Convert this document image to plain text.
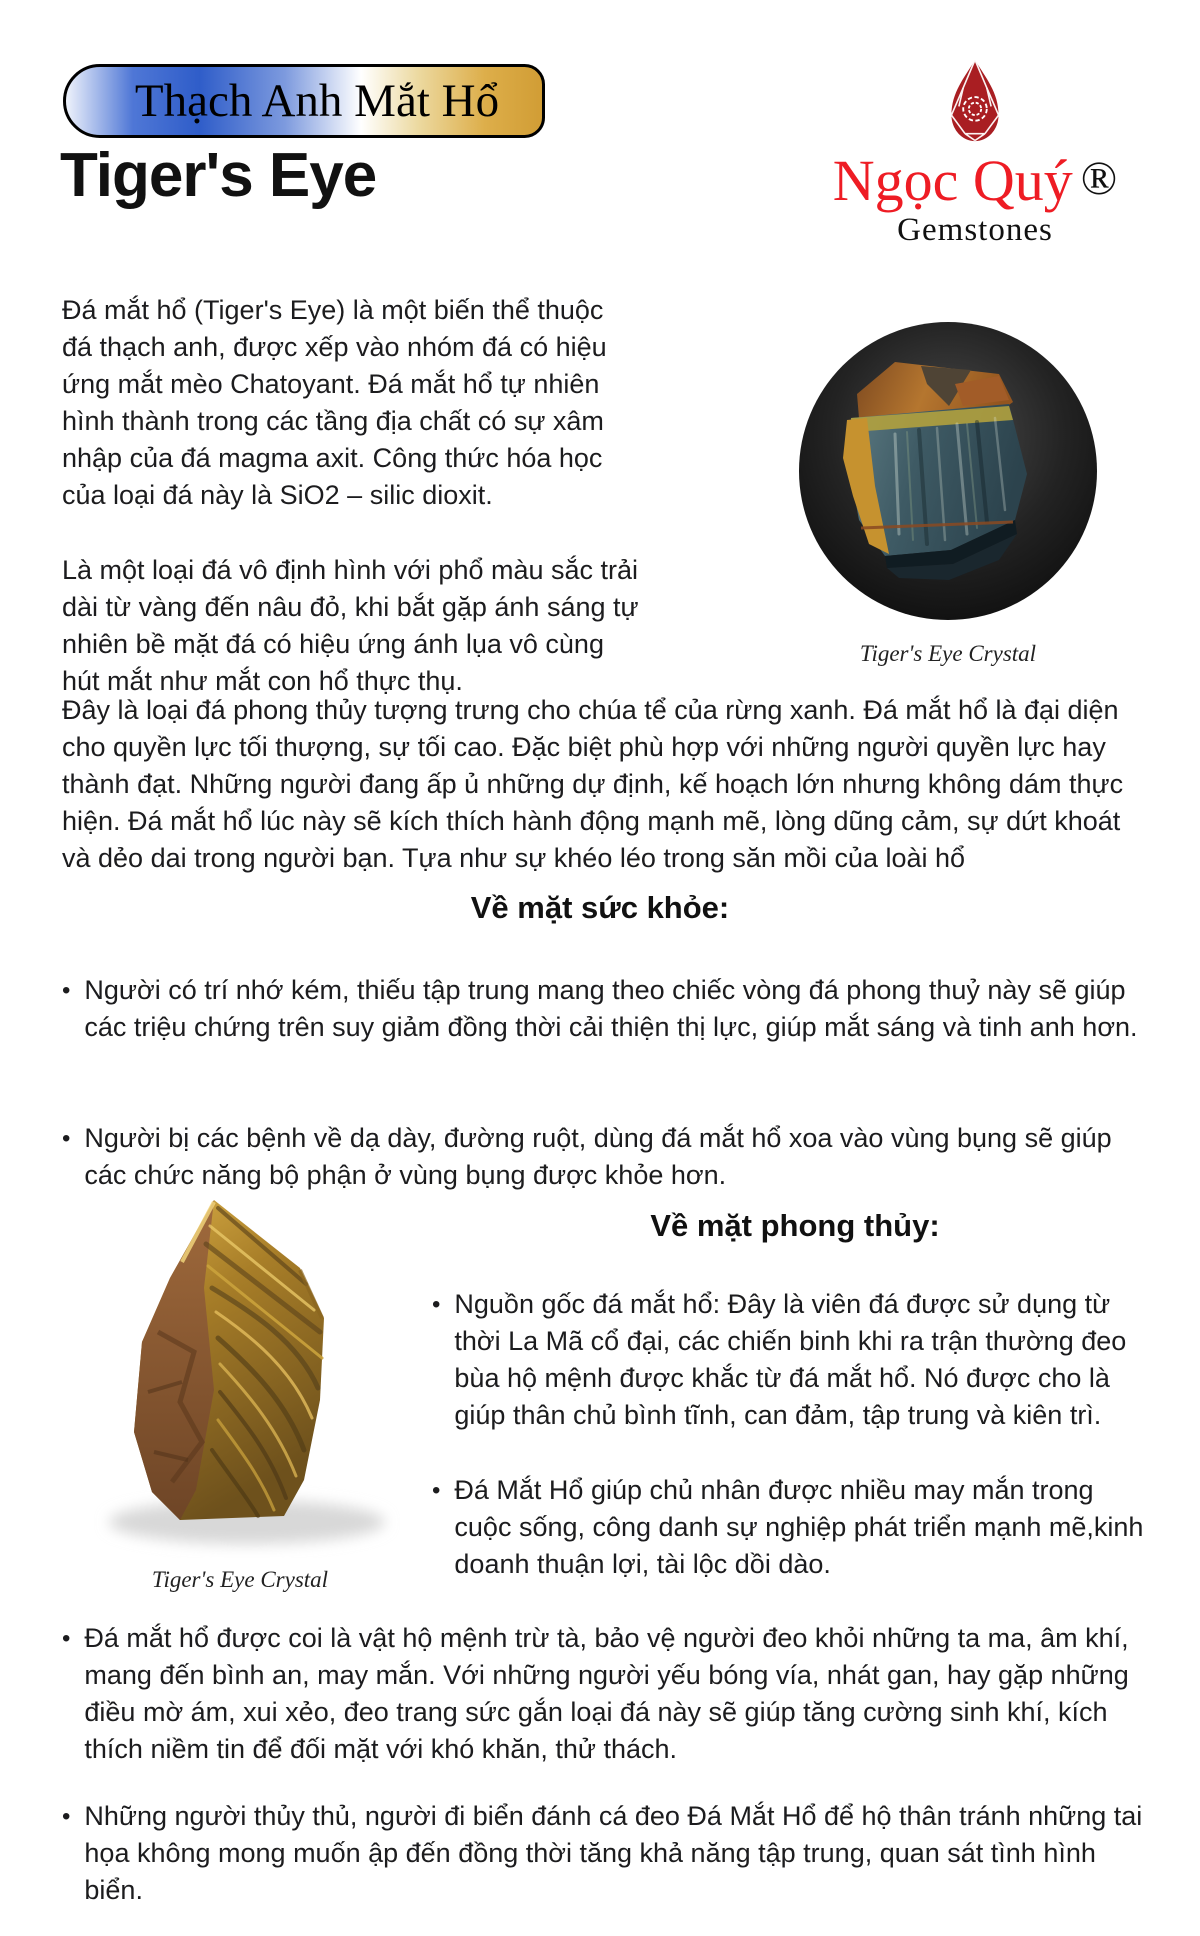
Thạch Anh Mắt Hổ
Ngọc Quý ®
Gemstones
Tiger's Eye

Đá mắt hổ (Tiger's Eye) là một biến thể thuộc đá thạch anh, được xếp vào nhóm đá có hiệu ứng mắt mèo Chatoyant. Đá mắt hổ tự nhiên hình thành trong các tầng địa chất có sự xâm nhập của đá magma axit. Công thức hóa học của loại đá này là SiO2 – silic dioxit.

Là một loại đá vô định hình với phổ màu sắc trải dài từ vàng đến nâu đỏ, khi bắt gặp ánh sáng tự nhiên bề mặt đá có hiệu ứng ánh lụa vô cùng hút mắt như mắt con hổ thực thụ.

Tiger's Eye Crystal

Đây là loại đá phong thủy tượng trưng cho chúa tể của rừng xanh. Đá mắt hổ là đại diện cho quyền lực tối thượng, sự tối cao. Đặc biệt phù hợp với những người quyền lực hay thành đạt. Những người đang ấp ủ những dự định, kế hoạch lớn nhưng không dám thực hiện. Đá mắt hổ lúc này sẽ kích thích hành động mạnh mẽ, lòng dũng cảm, sự dứt khoát và dẻo dai trong người bạn. Tựa như sự khéo léo trong săn mồi của loài hổ

Về mặt sức khỏe:
• Người có trí nhớ kém, thiếu tập trung mang theo chiếc vòng đá phong thuỷ này sẽ giúp các triệu chứng trên suy giảm đồng thời cải thiện thị lực, giúp mắt sáng và tinh anh hơn.
• Người bị các bệnh về dạ dày, đường ruột, dùng đá mắt hổ xoa vào vùng bụng sẽ giúp các chức năng bộ phận ở vùng bụng được khỏe hơn.
Tiger's Eye Crystal
Về mặt phong thủy:
• Nguồn gốc đá mắt hổ: Đây là viên đá được sử dụng từ thời La Mã cổ đại, các chiến binh khi ra trận thường đeo bùa hộ mệnh được khắc từ đá mắt hổ. Nó được cho là giúp thân chủ bình tĩnh, can đảm, tập trung và kiên trì.
• Đá Mắt Hổ giúp chủ nhân được nhiều may mắn trong cuộc sống, công danh sự nghiệp phát triển mạnh mẽ,kinh doanh thuận lợi, tài lộc dồi dào.
• Đá mắt hổ được coi là vật hộ mệnh trừ tà, bảo vệ người đeo khỏi những ta ma, âm khí, mang đến bình an, may mắn. Với những người yếu bóng vía, nhát gan, hay gặp những điều mờ ám, xui xẻo, đeo trang sức gắn loại đá này sẽ giúp tăng cường sinh khí, kích thích niềm tin để đối mặt với khó khăn, thử thách.
• Những người thủy thủ, người đi biển đánh cá đeo Đá Mắt Hổ để hộ thân tránh những tai họa không mong muốn ập đến đồng thời tăng khả năng tập trung, quan sát tình hình biển.
